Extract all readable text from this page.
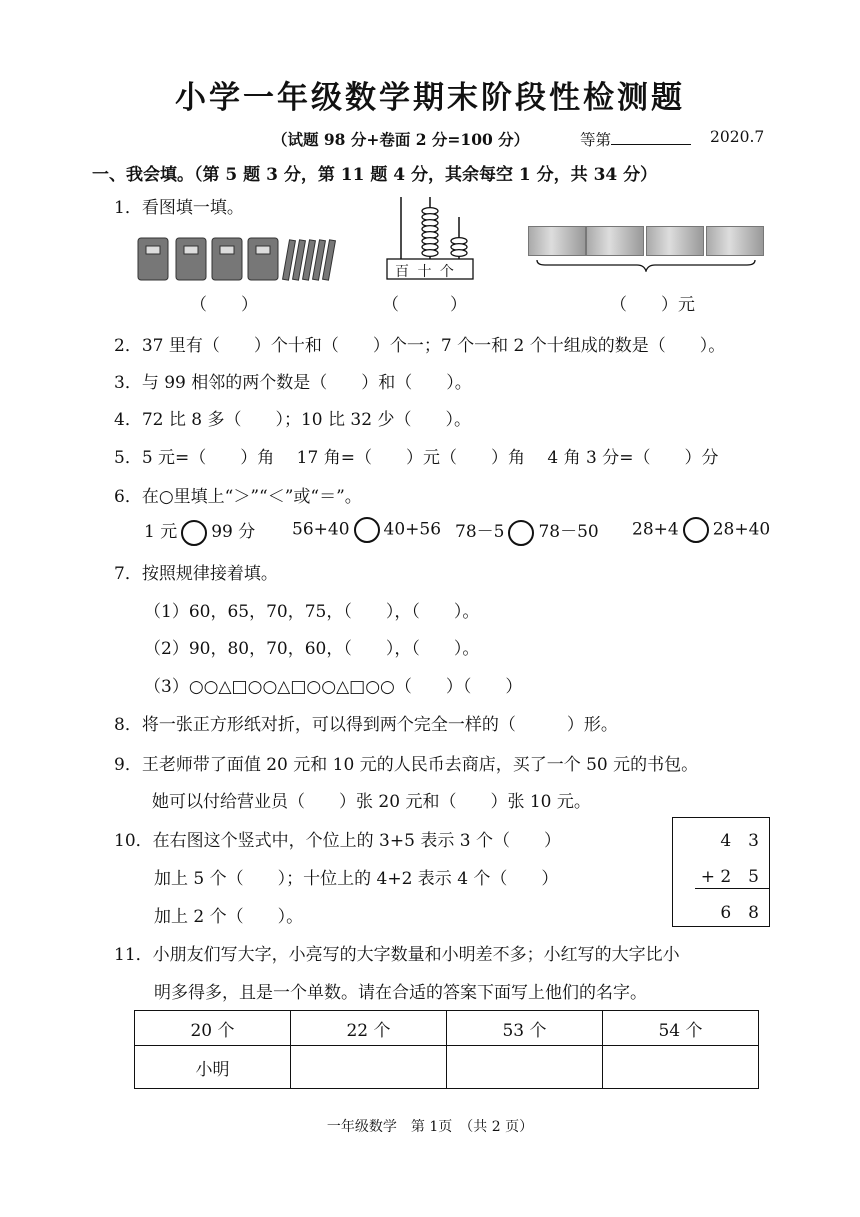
小学一年级数学期末阶段性检测题
（试题 98 分+卷面 2 分=100 分）	等第	2020.7
一、我会填。（第 5 题 3 分，第 11 题 4 分，其余每空 1 分，共 34 分）
1．看图填一填。
（　　）
百 十 个
（　　　）	（　　）元
2．37 里有（　　）个十和（　　）个一；7 个一和 2 个十组成的数是（　　）。
3．与 99 相邻的两个数是（　　）和（　　）。
4．72 比 8 多（　　）；10 比 32 少（　　）。
5．5 元=（　　）角　 17 角=（　　）元（　　）角　 4 角 3 分=（　　）分
6．在○里填上“＞”“＜”或“＝”。
1 元 99 分 56+40 40+56 78－5 78－50 28+4 28+40
7．按照规律接着填。
（1）60，65，70，75，（　　），（　　）。
（2）90，80，70，60，（　　），（　　）。
（3）○○△□○○△□○○△□○○（　　）（　　）
8．将一张正方形纸对折，可以得到两个完全一样的（　　　）形。
9．王老师带了面值 20 元和 10 元的人民币去商店，买了一个 50 元的书包。
她可以付给营业员（　　）张 20 元和（　　）张 10 元。
10．在右图这个竖式中，个位上的 3+5 表示 3 个（　　）
加上 5 个（　　）；十位上的 4+2 表示 4 个（　　）
加上 2 个（　　）。
4　3
+ 2　5
6　8
11．小朋友们写大字，小亮写的大字数量和小明差不多；小红写的大字比小
明多得多，且是一个单数。请在合适的答案下面写上他们的名字。
20 个	22 个	53 个	54 个
小明			
一年级数学　第 1页　（共 2 页）
